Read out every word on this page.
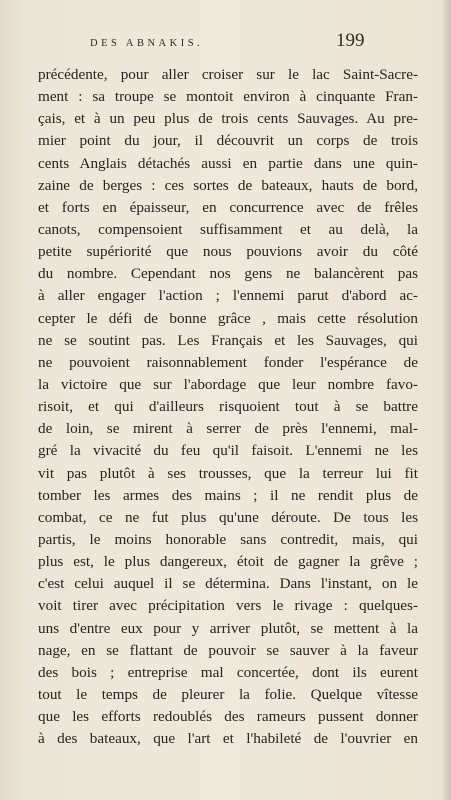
DES ABNAKIS.	199
précédente, pour aller croiser sur le lac Saint-Sacre-
ment : sa troupe se montoit environ à cinquante Fran-
çais, et à un peu plus de trois cents Sauvages. Au pre-
mier point du jour, il découvrit un corps de trois
cents Anglais détachés aussi en partie dans une quin-
zaine de berges : ces sortes de bateaux, hauts de bord,
et forts en épaisseur, en concurrence avec de frêles
canots, compensoient suffisamment et au delà, la
petite supériorité que nous pouvions avoir du côté
du nombre. Cependant nos gens ne balancèrent pas
à aller engager l'action ; l'ennemi parut d'abord ac-
cepter le défi de bonne grâce , mais cette résolution
ne se soutint pas. Les Français et les Sauvages, qui
ne pouvoient raisonnablement fonder l'espérance de
la victoire que sur l'abordage que leur nombre favo-
risoit, et qui d'ailleurs risquoient tout à se battre
de loin, se mirent à serrer de près l'ennemi, mal-
gré la vivacité du feu qu'il faisoit. L'ennemi ne les
vit pas plutôt à ses trousses, que la terreur lui fit
tomber les armes des mains ; il ne rendit plus de
combat, ce ne fut plus qu'une déroute. De tous les
partis, le moins honorable sans contredit, mais, qui
plus est, le plus dangereux, étoit de gagner la grêve ;
c'est celui auquel il se détermina. Dans l'instant, on le
voit tirer avec précipitation vers le rivage : quelques-
uns d'entre eux pour y arriver plutôt, se mettent à la
nage, en se flattant de pouvoir se sauver à la faveur
des bois ; entreprise mal concertée, dont ils eurent
tout le temps de pleurer la folie. Quelque vîtesse
que les efforts redoublés des rameurs pussent donner
à des bateaux, que l'art et l'habileté de l'ouvrier en
